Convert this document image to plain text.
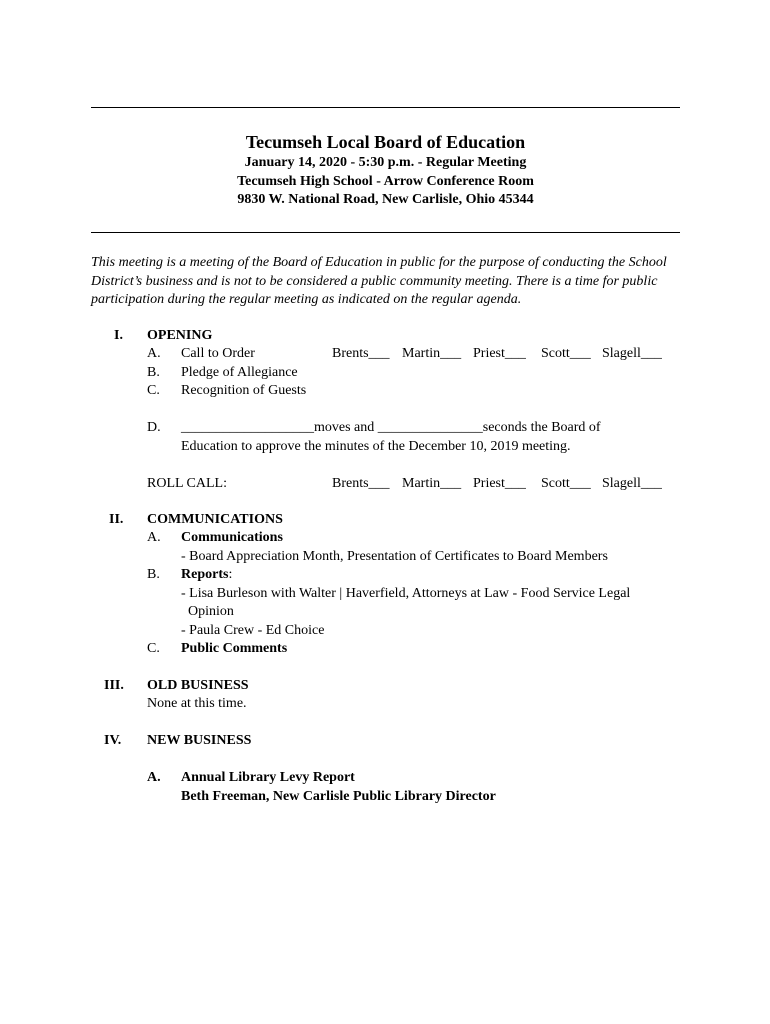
Tecumseh Local Board of Education
January 14, 2020 - 5:30 p.m. - Regular Meeting
Tecumseh High School - Arrow Conference Room
9830 W. National Road, New Carlisle, Ohio 45344
This meeting is a meeting of the Board of Education in public for the purpose of conducting the School District’s business and is not to be considered a public community meeting. There is a time for public participation during the regular meeting as indicated on the regular agenda.
I. OPENING
A. Call to Order	Brents___ Martin___ Priest___ Scott___ Slagell___
B. Pledge of Allegiance
C. Recognition of Guests
D. ___________________moves and _______________seconds the Board of
Education to approve the minutes of the December 10, 2019 meeting.
ROLL CALL:	Brents___ Martin___ Priest___ Scott___ Slagell___
II. COMMUNICATIONS
A. Communications
- Board Appreciation Month, Presentation of Certificates to Board Members
B. Reports:
- Lisa Burleson with Walter | Haverfield, Attorneys at Law - Food Service Legal
Opinion
- Paula Crew - Ed Choice
C. Public Comments
III. OLD BUSINESS
None at this time.
IV. NEW BUSINESS
A. Annual Library Levy Report
Beth Freeman, New Carlisle Public Library Director
